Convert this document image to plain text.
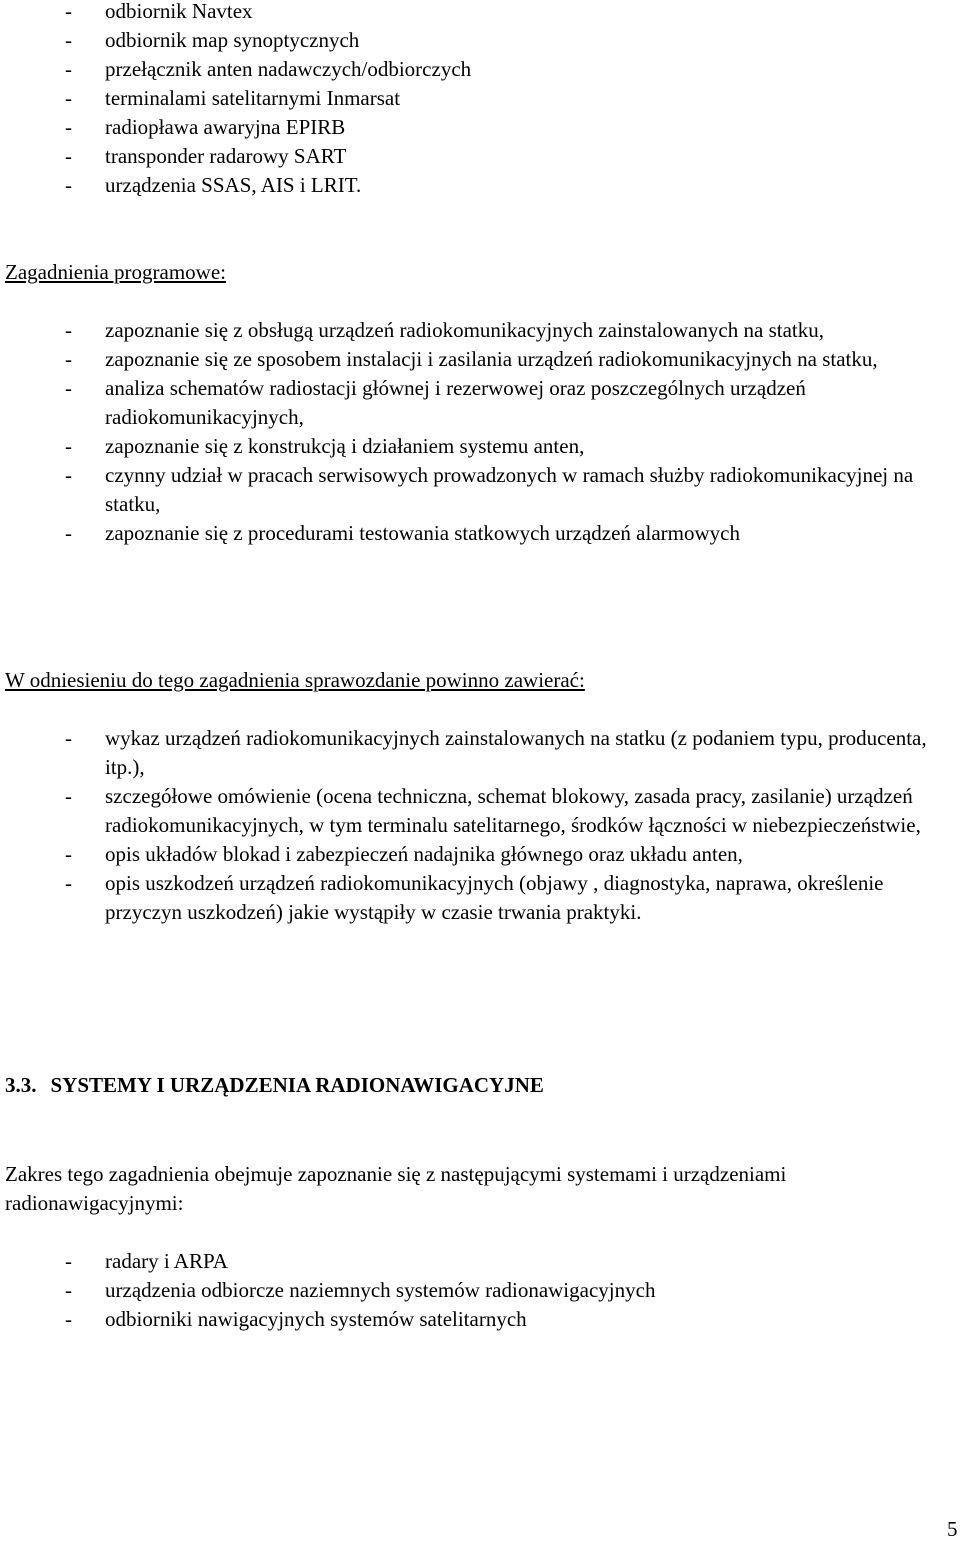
- odbiornik Navtex
- odbiornik map synoptycznych
- przełącznik anten nadawczych/odbiorczych
- terminalami satelitarnymi Inmarsat
- radiopława awaryjna EPIRB
- transponder radarowy SART
- urządzenia SSAS, AIS i LRIT.
Zagadnienia programowe:
- zapoznanie się z obsługą urządzeń radiokomunikacyjnych zainstalowanych na statku,
- zapoznanie się ze sposobem instalacji i zasilania urządzeń radiokomunikacyjnych na statku,
- analiza schematów radiostacji głównej i rezerwowej oraz poszczególnych urządzeń radiokomunikacyjnych,
- zapoznanie się z konstrukcją i działaniem systemu anten,
- czynny udział w pracach serwisowych prowadzonych w ramach służby radiokomunikacyjnej na statku,
- zapoznanie się z procedurami testowania statkowych urządzeń alarmowych
W odniesieniu do tego zagadnienia sprawozdanie powinno zawierać:
- wykaz urządzeń radiokomunikacyjnych zainstalowanych na statku (z podaniem typu, producenta, itp.),
- szczegółowe omówienie (ocena techniczna, schemat blokowy, zasada pracy, zasilanie) urządzeń radiokomunikacyjnych, w tym terminalu satelitarnego, środków łączności w niebezpieczeństwie,
- opis układów blokad i zabezpieczeń nadajnika głównego oraz układu anten,
- opis uszkodzeń urządzeń radiokomunikacyjnych (objawy , diagnostyka, naprawa, określenie przyczyn uszkodzeń) jakie wystąpiły w czasie trwania praktyki.
3.3. SYSTEMY I URZĄDZENIA RADIONAWIGACYJNE
Zakres tego zagadnienia obejmuje zapoznanie się z następującymi systemami i urządzeniami radionawigacyjnymi:
- radary i ARPA
- urządzenia odbiorcze naziemnych systemów radionawigacyjnych
- odbiorniki nawigacyjnych systemów satelitarnych
5
